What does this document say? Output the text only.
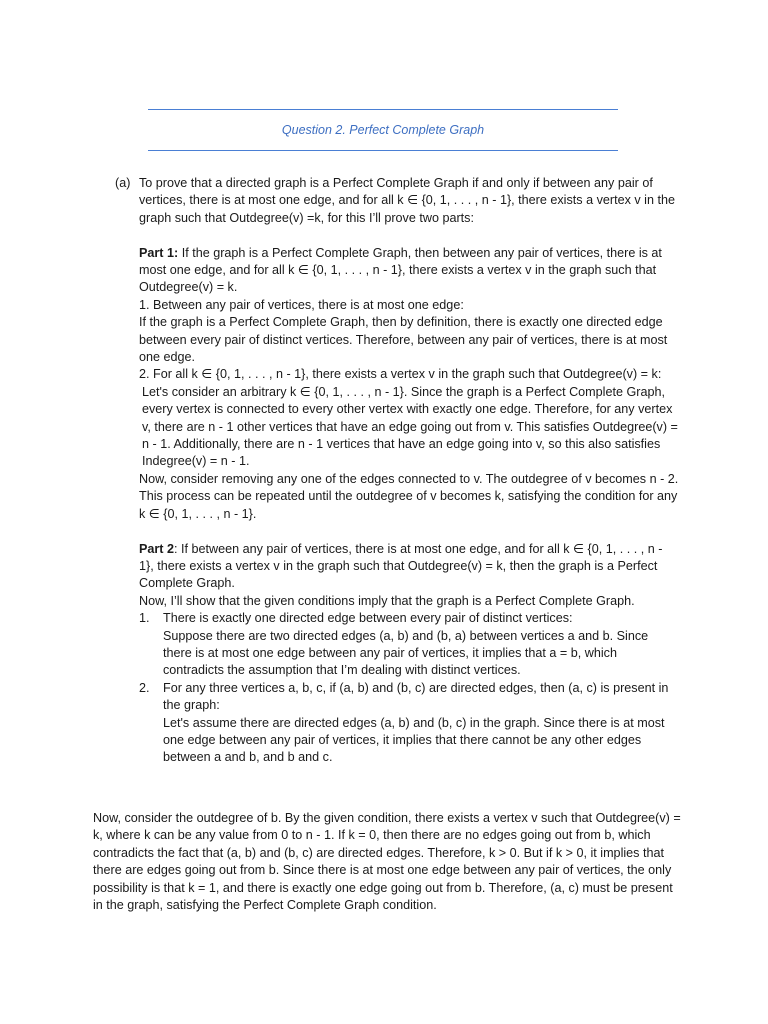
Question 2. Perfect Complete Graph
(a) To prove that a directed graph is a Perfect Complete Graph if and only if between any pair of vertices, there is at most one edge, and for all k ∈ {0, 1, . . . , n - 1}, there exists a vertex v in the graph such that Outdegree(v) =k, for this I’ll prove two parts:

Part 1: If the graph is a Perfect Complete Graph, then between any pair of vertices, there is at most one edge, and for all k ∈ {0, 1, . . . , n - 1}, there exists a vertex v in the graph such that Outdegree(v) = k.

1. Between any pair of vertices, there is at most one edge:

If the graph is a Perfect Complete Graph, then by definition, there is exactly one directed edge between every pair of distinct vertices. Therefore, between any pair of vertices, there is at most one edge.

2. For all k ∈ {0, 1, . . . , n - 1}, there exists a vertex v in the graph such that Outdegree(v) = k:

Let's consider an arbitrary k ∈ {0, 1, . . . , n - 1}. Since the graph is a Perfect Complete Graph, every vertex is connected to every other vertex with exactly one edge. Therefore, for any vertex v, there are n - 1 other vertices that have an edge going out from v. This satisfies Outdegree(v) = n - 1. Additionally, there are n - 1 vertices that have an edge going into v, so this also satisfies Indegree(v) = n - 1.

Now, consider removing any one of the edges connected to v. The outdegree of v becomes n - 2. This process can be repeated until the outdegree of v becomes k, satisfying the condition for any k ∈ {0, 1, . . . , n - 1}.

Part 2: If between any pair of vertices, there is at most one edge, and for all k ∈ {0, 1, . . . , n - 1}, there exists a vertex v in the graph such that Outdegree(v) = k, then the graph is a Perfect Complete Graph.

Now, I’ll show that the given conditions imply that the graph is a Perfect Complete Graph.

1. There is exactly one directed edge between every pair of distinct vertices:
Suppose there are two directed edges (a, b) and (b, a) between vertices a and b. Since there is at most one edge between any pair of vertices, it implies that a = b, which contradicts the assumption that I’m dealing with distinct vertices.
2. For any three vertices a, b, c, if (a, b) and (b, c) are directed edges, then (a, c) is present in the graph:
Let's assume there are directed edges (a, b) and (b, c) in the graph. Since there is at most one edge between any pair of vertices, it implies that there cannot be any other edges between a and b, and b and c.

Now, consider the outdegree of b. By the given condition, there exists a vertex v such that Outdegree(v) = k, where k can be any value from 0 to n - 1. If k = 0, then there are no edges going out from b, which contradicts the fact that (a, b) and (b, c) are directed edges. Therefore, k > 0. But if k > 0, it implies that there are edges going out from b. Since there is at most one edge between any pair of vertices, the only possibility is that k = 1, and there is exactly one edge going out from b. Therefore, (a, c) must be present in the graph, satisfying the Perfect Complete Graph condition.
